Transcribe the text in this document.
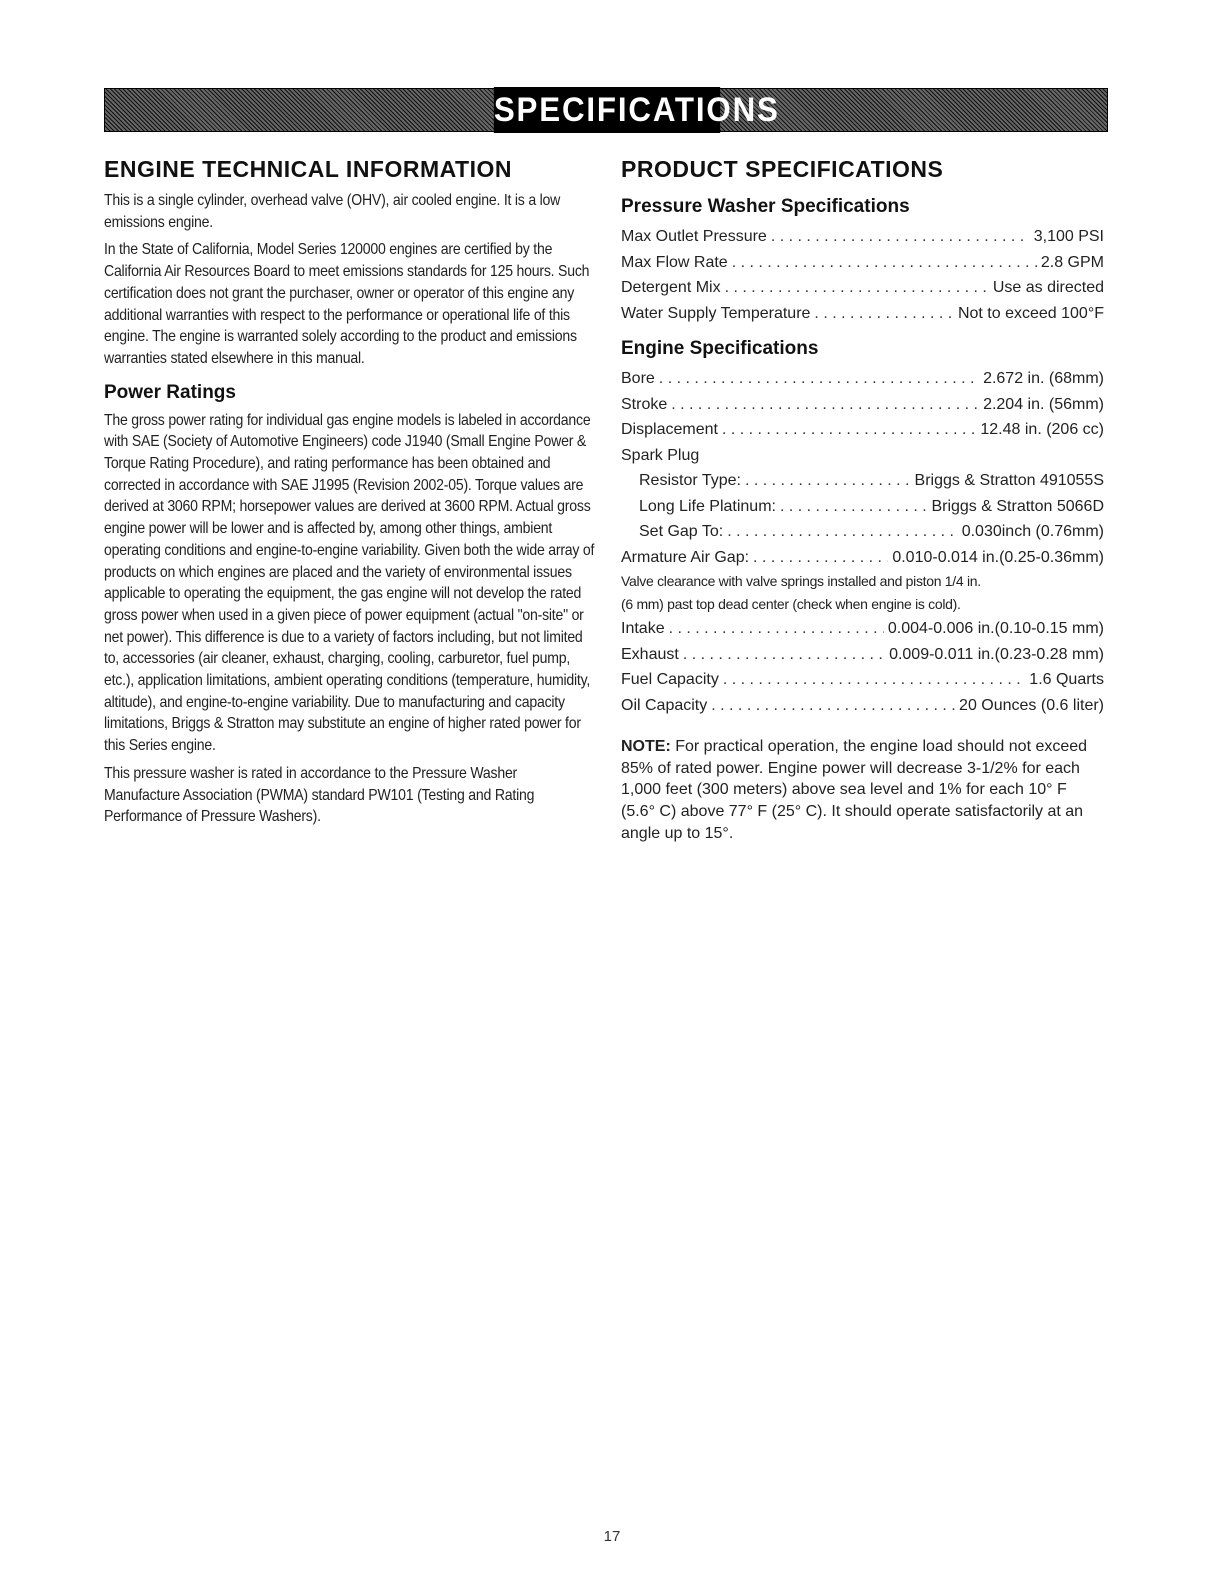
SPECIFICATIONS
ENGINE TECHNICAL INFORMATION
This is a single cylinder, overhead valve (OHV), air cooled engine. It is a low emissions engine.
In the State of California, Model Series 120000 engines are certified by the California Air Resources Board to meet emissions standards for 125 hours. Such certification does not grant the purchaser, owner or operator of this engine any additional warranties with respect to the performance or operational life of this engine. The engine is warranted solely according to the product and emissions warranties stated elsewhere in this manual.
Power Ratings
The gross power rating for individual gas engine models is labeled in accordance with SAE (Society of Automotive Engineers) code J1940 (Small Engine Power & Torque Rating Procedure), and rating performance has been obtained and corrected in accordance with SAE J1995 (Revision 2002-05). Torque values are derived at 3060 RPM; horsepower values are derived at 3600 RPM. Actual gross engine power will be lower and is affected by, among other things, ambient operating conditions and engine-to-engine variability. Given both the wide array of products on which engines are placed and the variety of environmental issues applicable to operating the equipment, the gas engine will not develop the rated gross power when used in a given piece of power equipment (actual "on-site" or net power). This difference is due to a variety of factors including, but not limited to, accessories (air cleaner, exhaust, charging, cooling, carburetor, fuel pump, etc.), application limitations, ambient operating conditions (temperature, humidity, altitude), and engine-to-engine variability. Due to manufacturing and capacity limitations, Briggs & Stratton may substitute an engine of higher rated power for this Series engine.
This pressure washer is rated in accordance to the Pressure Washer Manufacture Association (PWMA) standard PW101 (Testing and Rating Performance of Pressure Washers).
PRODUCT SPECIFICATIONS
Pressure Washer Specifications
Max Outlet Pressure . . .	3,100 PSI
Max Flow Rate . . .	2.8 GPM
Detergent Mix . . .	Use as directed
Water Supply Temperature . . .	Not to exceed 100°F
Engine Specifications
Bore . . .	2.672 in. (68mm)
Stroke . . .	2.204 in. (56mm)
Displacement . . .	12.48 in. (206 cc)
Spark Plug
Resistor Type: . . .	Briggs & Stratton 491055S
Long Life Platinum: . . .	Briggs & Stratton 5066D
Set Gap To: . . .	0.030inch (0.76mm)
Armature Air Gap: . . .	0.010-0.014 in.(0.25-0.36mm)
Valve clearance with valve springs installed and piston 1/4 in.
(6 mm) past top dead center (check when engine is cold).
Intake . . .	0.004-0.006 in.(0.10-0.15 mm)
Exhaust . . .	0.009-0.011 in.(0.23-0.28 mm)
Fuel Capacity . . .	1.6 Quarts
Oil Capacity . . .	20 Ounces (0.6 liter)
NOTE: For practical operation, the engine load should not exceed 85% of rated power. Engine power will decrease 3-1/2% for each 1,000 feet (300 meters) above sea level and 1% for each 10° F (5.6° C) above 77° F (25° C). It should operate satisfactorily at an angle up to 15°.
17
